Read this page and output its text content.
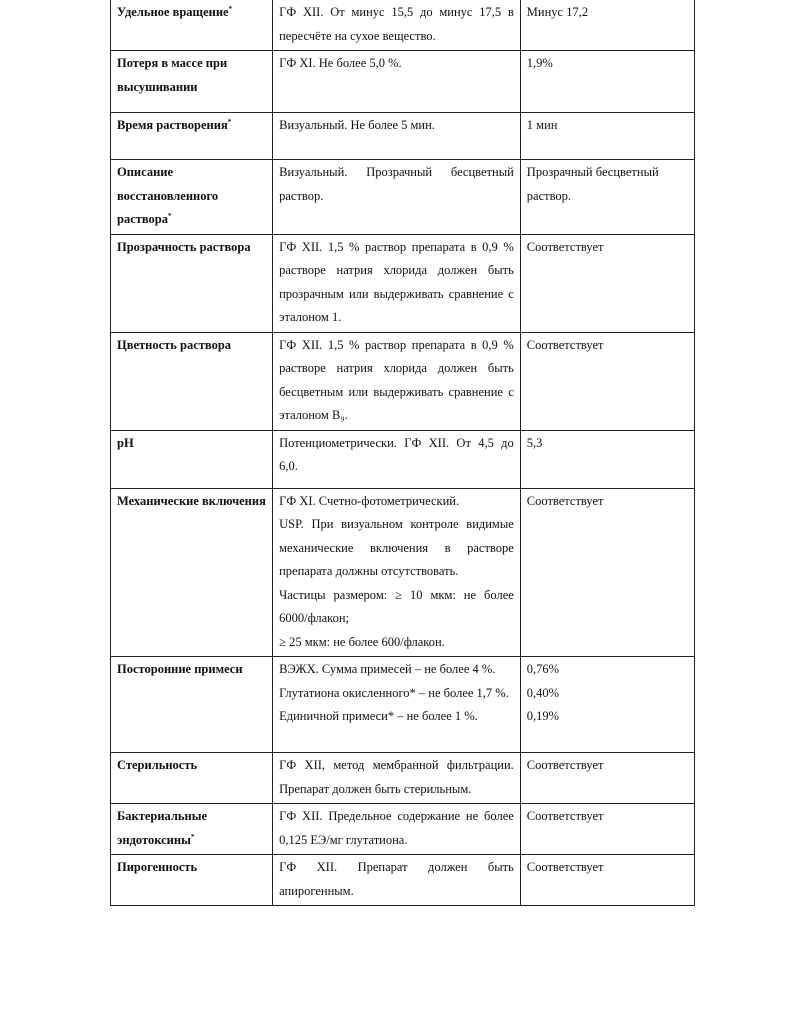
Удельное вращение*	ГФ XII. От минус 15,5 до минус 17,5 в пересчёте на сухое вещество.	Минус 17,2

Потеря в массе при высушивании	ГФ XI. Не более 5,0 %.	1,9%

Время растворения*	Визуальный. Не более 5 мин.	1 мин

Описание восстановленного раствора*	Визуальный. Прозрачный бесцветный раствор.	Прозрачный бесцветный раствор.

Прозрачность раствора	ГФ XII. 1,5 % раствор препарата в 0,9 % растворе натрия хлорида должен быть прозрачным или выдерживать сравнение с эталоном 1.	Соответствует

Цветность раствора	ГФ XII. 1,5 % раствор препарата в 0,9 % растворе натрия хлорида должен быть бесцветным или выдерживать сравнение с эталоном B₉.	Соответствует

pH	Потенциометрически. ГФ XII. От 4,5 до 6,0.	5,3

Механические включения	ГФ XI. Счетно-фотометрический.
USP. При визуальном контроле видимые механические включения в растворе препарата должны отсутствовать.
Частицы размером: ≥ 10 мкм: не более 6000/флакон;
≥ 25 мкм: не более 600/флакон.	Соответствует

Посторонние примеси	ВЭЖХ. Сумма примесей – не более 4 %.
Глутатиона окисленного* – не более 1,7 %.
Единичной примеси* – не более 1 %.	0,76%
0,40%
0,19%

Стерильность	ГФ XII, метод мембранной фильтрации. Препарат должен быть стерильным.	Соответствует

Бактериальные эндотоксины*	ГФ XII. Предельное содержание не более 0,125 ЕЭ/мг глутатиона.	Соответствует

Пирогенность	ГФ XII. Препарат должен быть апирогенным.	Соответствует
